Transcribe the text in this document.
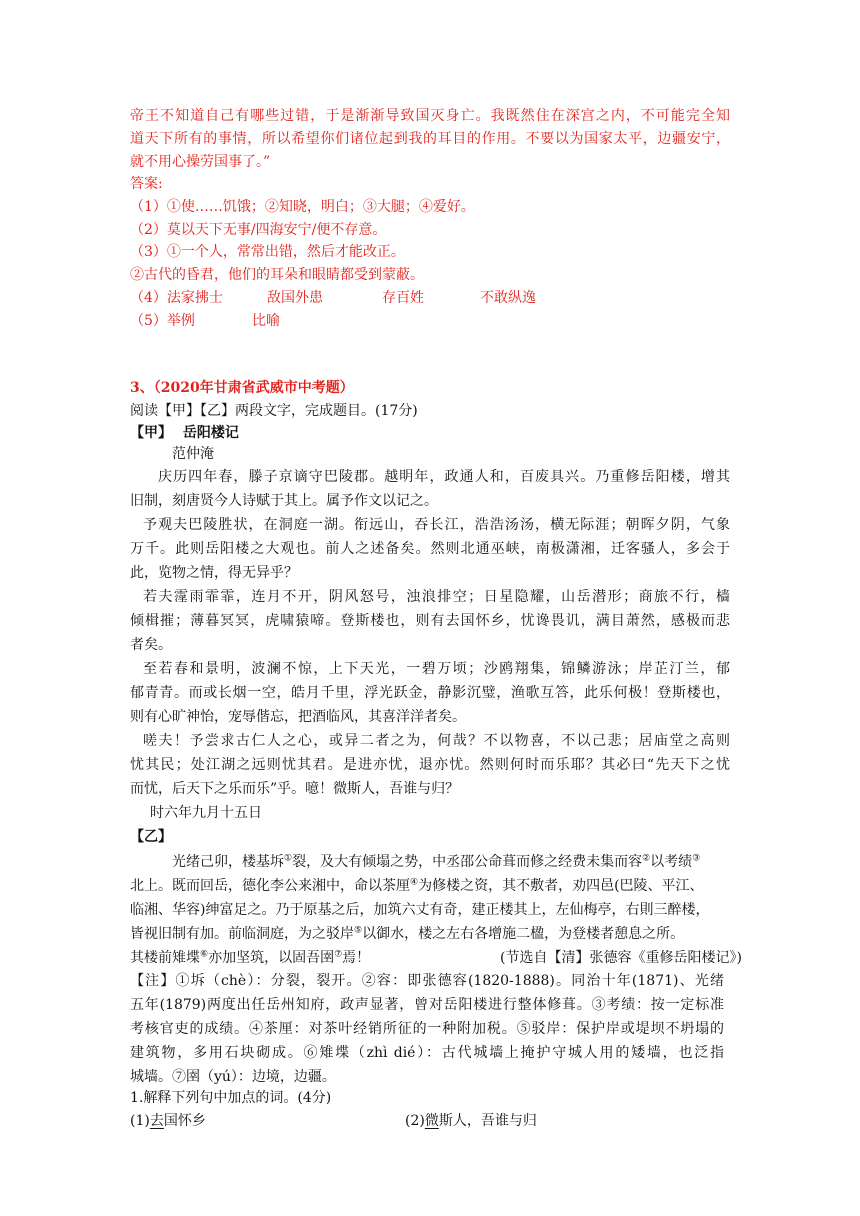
帝王不知道自己有哪些过错，于是渐渐导致国灭身亡。我既然住在深宫之内，不可能完全知
道天下所有的事情，所以希望你们诸位起到我的耳目的作用。不要以为国家太平，边疆安宁，
就不用心操劳国事了。”
答案:
（1）①使……饥饿；②知晓，明白；③大腿；④爱好。
（2）莫以天下无事/四海安宁/便不存意。
（3）①一个人，常常出错，然后才能改正。
②古代的昏君，他们的耳朵和眼睛都受到蒙蔽。
（4）法家拂士	敌国外患	存百姓	不敢纵逸
（5）举例	比喻
3、（2020年甘肃省武威市中考题）
阅读【甲】【乙】两段文字，完成题目。(17分)
【甲】 岳阳楼记
范仲淹
庆历四年春，滕子京谪守巴陵郡。越明年，政通人和，百废具兴。乃重修岳阳楼，增其
旧制，刻唐贤今人诗赋于其上。属予作文以记之。
予观夫巴陵胜状，在洞庭一湖。衔远山，吞长江，浩浩汤汤，横无际涯；朝晖夕阴，气象
万千。此则岳阳楼之大观也。前人之述备矣。然则北通巫峡，南极潇湘，迁客骚人，多会于
此，览物之情，得无异乎？
若夫霪雨霏霏，连月不开，阴风怒号，浊浪排空；日星隐耀，山岳潜形；商旅不行，樯
倾楫摧；薄暮冥冥，虎啸猿啼。登斯楼也，则有去国怀乡，忧谗畏讥，满目萧然，感极而悲
者矣。
至若春和景明，波澜不惊，上下天光，一碧万顷；沙鸥翔集，锦鳞游泳；岸芷汀兰，郁
郁青青。而或长烟一空，皓月千里，浮光跃金，静影沉璧，渔歌互答，此乐何极！登斯楼也，
则有心旷神怡，宠辱偕忘，把酒临风，其喜洋洋者矣。
嗟夫！予尝求古仁人之心，或异二者之为，何哉？不以物喜，不以己悲；居庙堂之高则
忧其民；处江湖之远则忧其君。是进亦忧，退亦忧。然则何时而乐耶？其必曰“先天下之忧
而忧，后天下之乐而乐”乎。噫！微斯人，吾谁与归？
时六年九月十五日
【乙】
光绪己卯，楼基坼①裂，及大有倾塌之势，中丞邵公命葺而修之经费未集而容②以考绩③
北上。既而回岳，德化李公来湘中，命以茶厘④为修楼之资，其不敷者，劝四邑(巴陵、平江、
临湘、华容)绅富足之。乃于原基之后，加筑六丈有奇，建正楼其上，左仙梅亭，右則三醉楼，
皆视旧制有加。前临洞庭，为之驳岸⑤以御水，楼之左右各增施二楹，为登楼者憩息之所。
其楼前雉堞⑥亦加坚筑，以固吾圉⑦焉！	(节选自【清】张德容《重修岳阳楼记》)
【注】①坼（chè）：分裂，裂开。②容：即张德容(1820-1888)。同治十年(1871)、光绪
五年(1879)两度出任岳州知府，政声显著，曾对岳阳楼进行整体修葺。③考绩：按一定标准
考核官吏的成绩。④茶厘：对茶叶经销所征的一种附加税。⑤驳岸：保护岸或堤坝不坍塌的
建筑物，多用石块砌成。⑥雉堞（zhì dié）：古代城墙上掩护守城人用的矮墙，也泛指
城墙。⑦圉（yú）：边境，边疆。
1.解释下列句中加点的词。(4分)
(1)去国怀乡	(2)微斯人，吾谁与归
